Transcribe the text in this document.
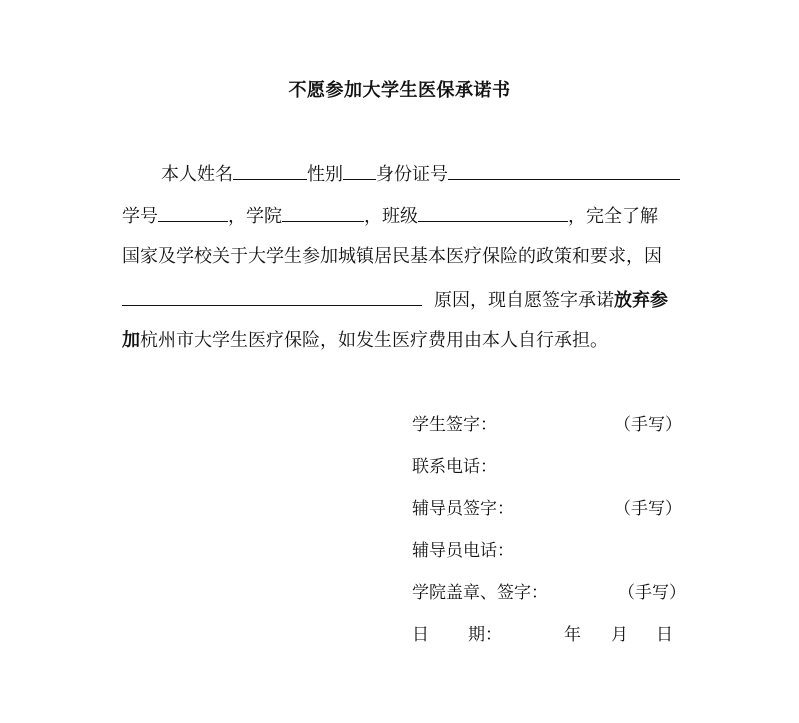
不愿参加大学生医保承诺书
本人姓名	性别 身份证号
学号	，学院	，班级	，完全了解
国家及学校关于大学生参加城镇居民基本医疗保险的政策和要求，因
原因，现自愿签字承诺放弃参
加杭州市大学生医疗保险，如发生医疗费用由本人自行承担。
学生签字：	（手写）
联系电话：
辅导员签字：	（手写）
辅导员电话：
学院盖章、签字：	（手写）
日 期：	年 月 日
